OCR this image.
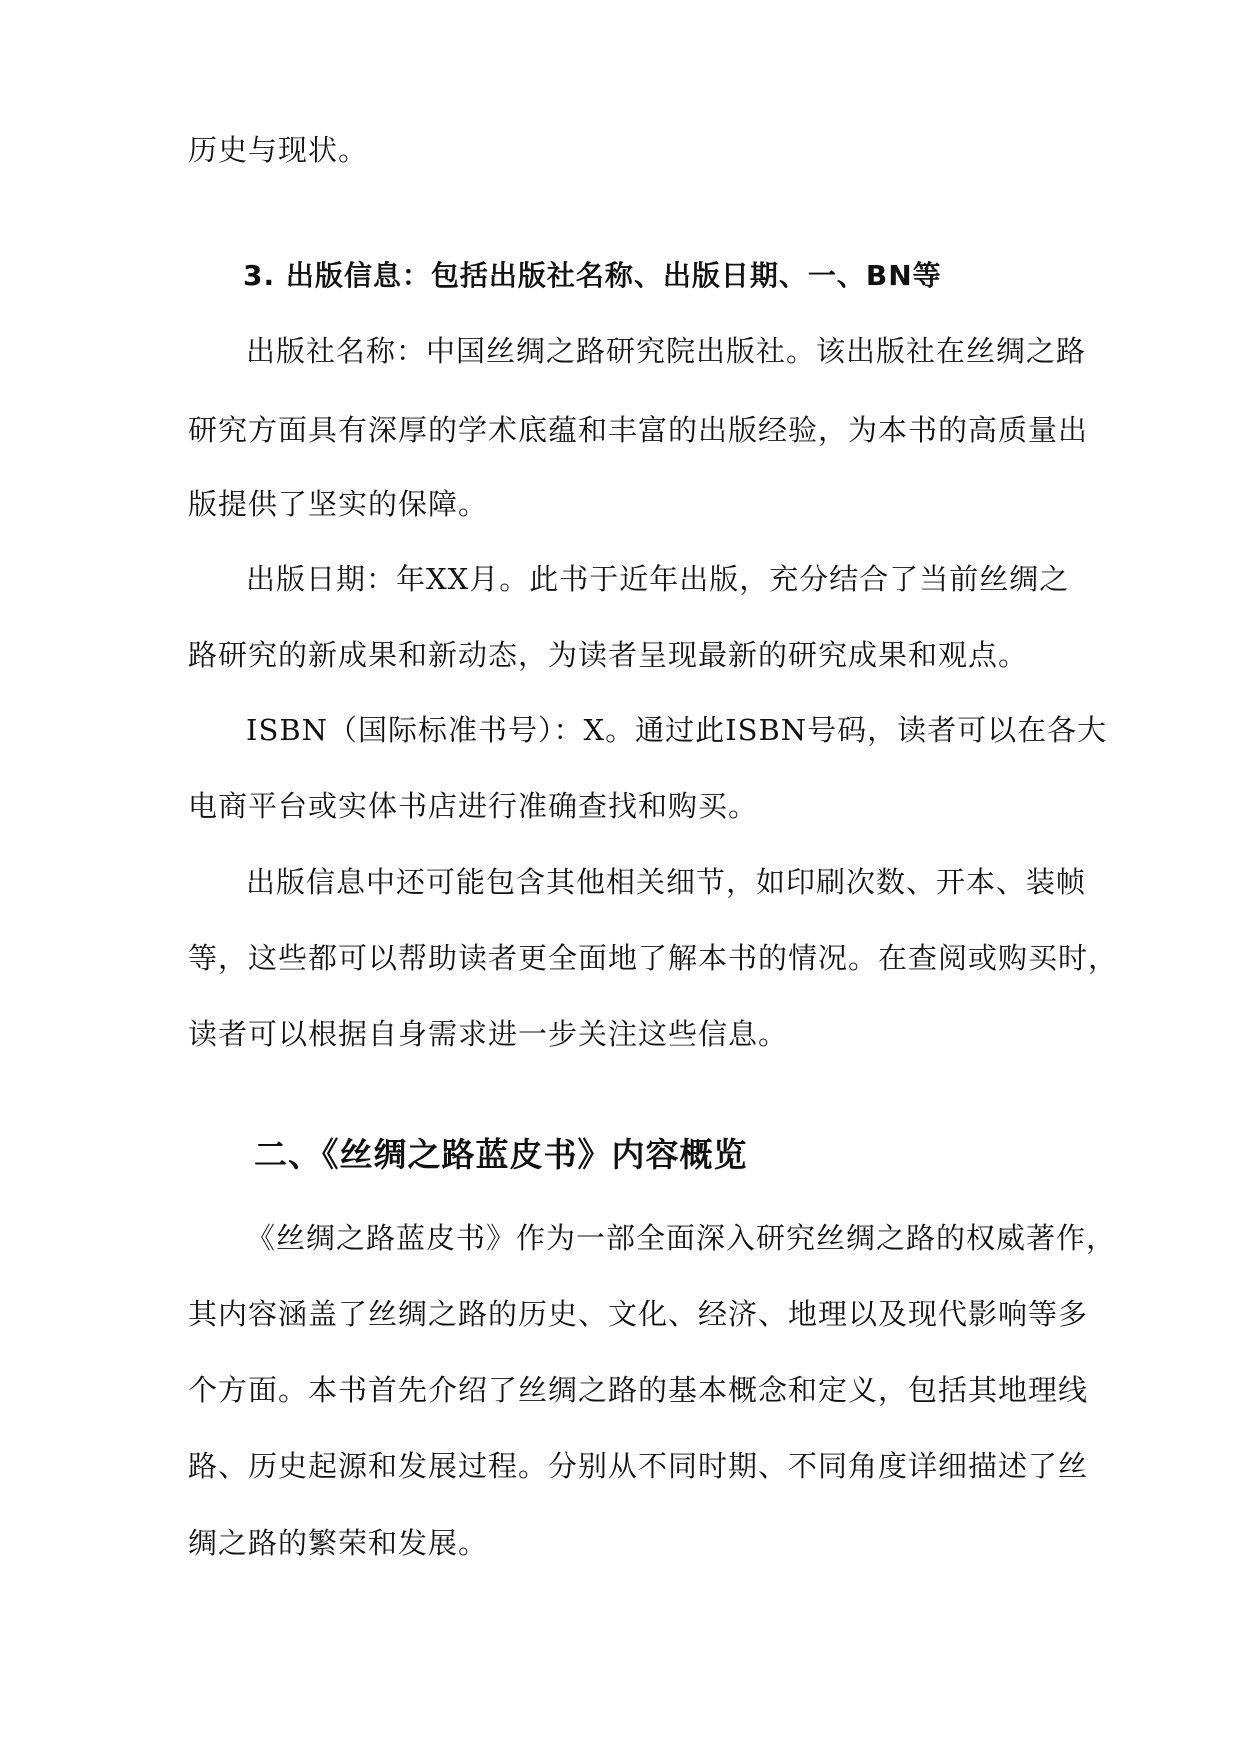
历史与现状。
3. 出版信息：包括出版社名称、出版日期、一、BN等
出版社名称：中国丝绸之路研究院出版社。该出版社在丝绸之路
研究方面具有深厚的学术底蕴和丰富的出版经验，为本书的高质量出
版提供了坚实的保障。
出版日期：年XX月。此书于近年出版，充分结合了当前丝绸之
路研究的新成果和新动态，为读者呈现最新的研究成果和观点。
ISBN（国际标准书号）：X。通过此ISBN号码，读者可以在各大
电商平台或实体书店进行准确查找和购买。
出版信息中还可能包含其他相关细节，如印刷次数、开本、装帧
等，这些都可以帮助读者更全面地了解本书的情况。在查阅或购买时，
读者可以根据自身需求进一步关注这些信息。
二、《丝绸之路蓝皮书》内容概览
《丝绸之路蓝皮书》作为一部全面深入研究丝绸之路的权威著作，
其内容涵盖了丝绸之路的历史、文化、经济、地理以及现代影响等多
个方面。本书首先介绍了丝绸之路的基本概念和定义，包括其地理线
路、历史起源和发展过程。分别从不同时期、不同角度详细描述了丝
绸之路的繁荣和发展。
